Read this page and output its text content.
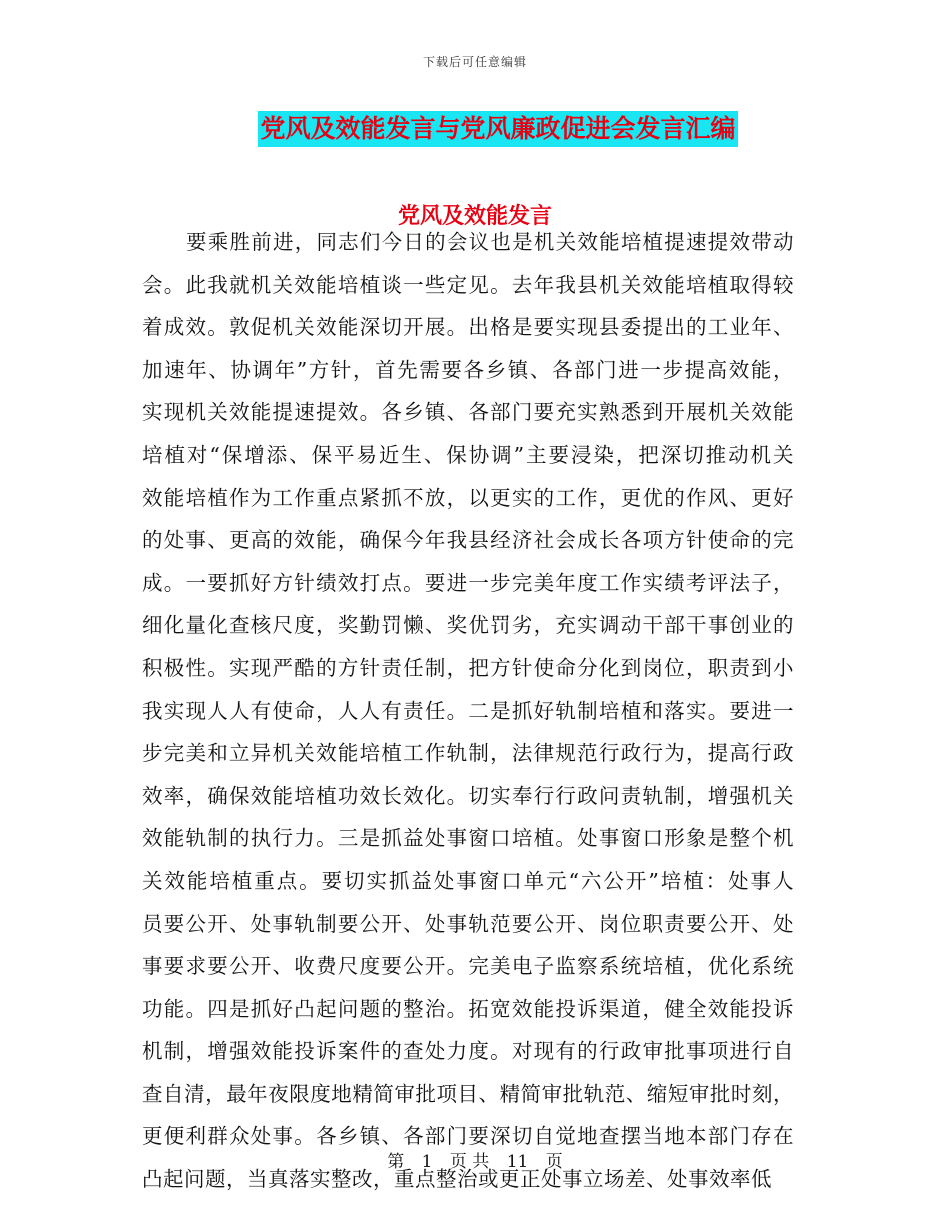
下载后可任意编辑
党风及效能发言与党风廉政促进会发言汇编
党风及效能发言
要乘胜前进，同志们今日的会议也是机关效能培植提速提效带动
会。此我就机关效能培植谈一些定见。去年我县机关效能培植取得较
着成效。敦促机关效能深切开展。出格是要实现县委提出的工业年、
加速年、协调年”方针，首先需要各乡镇、各部门进一步提高效能，
实现机关效能提速提效。各乡镇、各部门要充实熟悉到开展机关效能
培植对“保增添、保平易近生、保协调”主要浸染，把深切推动机关
效能培植作为工作重点紧抓不放，以更实的工作，更优的作风、更好
的处事、更高的效能，确保今年我县经济社会成长各项方针使命的完
成。一要抓好方针绩效打点。要进一步完美年度工作实绩考评法子，
细化量化查核尺度，奖勤罚懒、奖优罚劣，充实调动干部干事创业的
积极性。实现严酷的方针责任制，把方针使命分化到岗位，职责到小
我实现人人有使命，人人有责任。二是抓好轨制培植和落实。要进一
步完美和立异机关效能培植工作轨制，法律规范行政行为，提高行政
效率，确保效能培植功效长效化。切实奉行行政问责轨制，增强机关
效能轨制的执行力。三是抓益处事窗口培植。处事窗口形象是整个机
关效能培植重点。要切实抓益处事窗口单元“六公开”培植：处事人
员要公开、处事轨制要公开、处事轨范要公开、岗位职责要公开、处
事要求要公开、收费尺度要公开。完美电子监察系统培植，优化系统
功能。四是抓好凸起问题的整治。拓宽效能投诉渠道，健全效能投诉
机制，增强效能投诉案件的查处力度。对现有的行政审批事项进行自
查自清，最年夜限度地精简审批项目、精简审批轨范、缩短审批时刻，
更便利群众处事。各乡镇、各部门要深切自觉地查摆当地本部门存在
凸起问题，当真落实整改，重点整治或更正处事立场差、处事效率低
第 1 页 共 11 页
